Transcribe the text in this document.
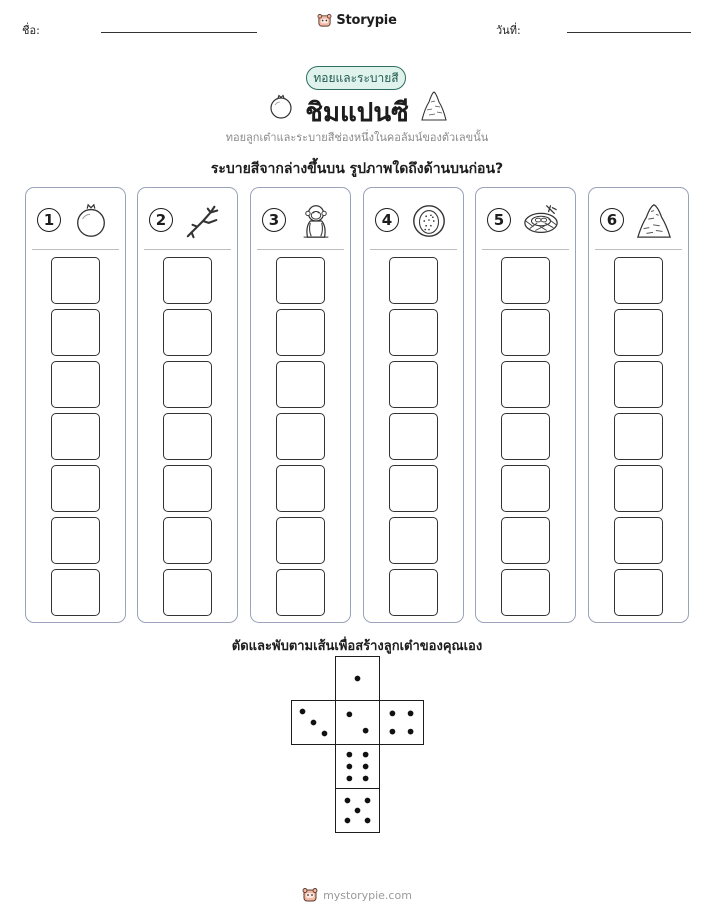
ชื่อ:
Storypie
วันที่:
ทอยและระบายสี
ชิมแปนซี
ทอยลูกเต๋าและระบายสีช่องหนึ่งในคอลัมน์ของตัวเลขนั้น
ระบายสีจากล่างขึ้นบน รูปภาพใดถึงด้านบนก่อน?
1	2	3	4	5	6
ตัดและพับตามเส้นเพื่อสร้างลูกเต๋าของคุณเอง
mystorypie.com
